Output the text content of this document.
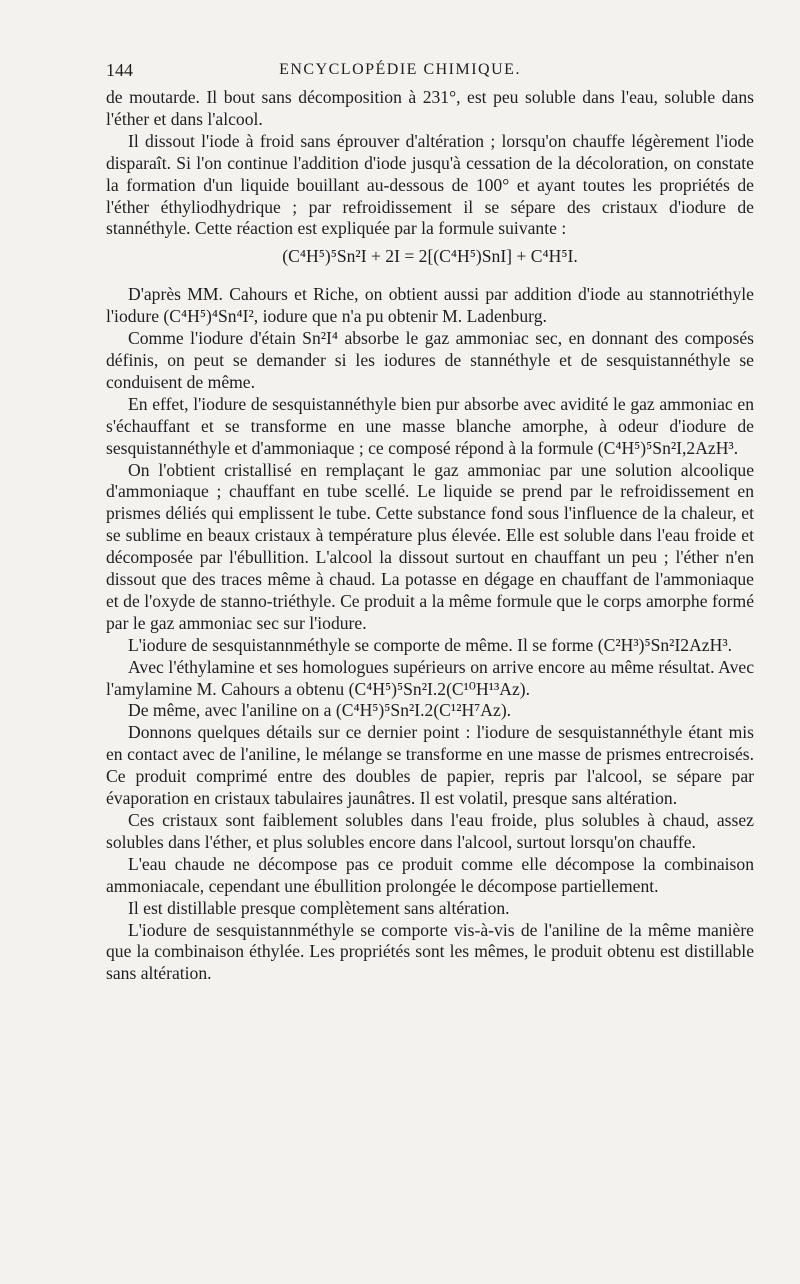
144	ENCYCLOPÉDIE CHIMIQUE.

de moutarde. Il bout sans décomposition à 231°, est peu soluble dans l'eau, soluble dans l'éther et dans l'alcool.

Il dissout l'iode à froid sans éprouver d'altération ; lorsqu'on chauffe légèrement l'iode disparaît. Si l'on continue l'addition d'iode jusqu'à cessation de la décoloration, on constate la formation d'un liquide bouillant au-dessous de 100° et ayant toutes les propriétés de l'éther éthyliodhydrique ; par refroidissement il se sépare des cristaux d'iodure de stannéthyle. Cette réaction est expliquée par la formule suivante :

(C⁴H⁵)⁵Sn²I + 2I = 2[(C⁴H⁵)SnI] + C⁴H⁵I.

D'après MM. Cahours et Riche, on obtient aussi par addition d'iode au stannotriéthyle l'iodure (C⁴H⁵)⁴Sn⁴I², iodure que n'a pu obtenir M. Ladenburg.

Comme l'iodure d'étain Sn²I⁴ absorbe le gaz ammoniac sec, en donnant des composés définis, on peut se demander si les iodures de stannéthyle et de sesquistannéthyle se conduisent de même.

En effet, l'iodure de sesquistannéthyle bien pur absorbe avec avidité le gaz ammoniac en s'échauffant et se transforme en une masse blanche amorphe, à odeur d'iodure de sesquistannéthyle et d'ammoniaque ; ce composé répond à la formule (C⁴H⁵)⁵Sn²I,2AzH³.

On l'obtient cristallisé en remplaçant le gaz ammoniac par une solution alcoolique d'ammoniaque ; chauffant en tube scellé. Le liquide se prend par le refroidissement en prismes déliés qui emplissent le tube. Cette substance fond sous l'influence de la chaleur, et se sublime en beaux cristaux à température plus élevée. Elle est soluble dans l'eau froide et décomposée par l'ébullition. L'alcool la dissout surtout en chauffant un peu ; l'éther n'en dissout que des traces même à chaud. La potasse en dégage en chauffant de l'ammoniaque et de l'oxyde de stanno-triéthyle. Ce produit a la même formule que le corps amorphe formé par le gaz ammoniac sec sur l'iodure.

L'iodure de sesquistannméthyle se comporte de même. Il se forme (C²H³)⁵Sn²I2AzH³.

Avec l'éthylamine et ses homologues supérieurs on arrive encore au même résultat. Avec l'amylamine M. Cahours a obtenu (C⁴H⁵)⁵Sn²I.2(C¹⁰H¹³Az).

De même, avec l'aniline on a (C⁴H⁵)⁵Sn²I.2(C¹²H⁷Az).

Donnons quelques détails sur ce dernier point : l'iodure de sesquistannéthyle étant mis en contact avec de l'aniline, le mélange se transforme en une masse de prismes entrecroisés. Ce produit comprimé entre des doubles de papier, repris par l'alcool, se sépare par évaporation en cristaux tabulaires jaunâtres. Il est volatil, presque sans altération.

Ces cristaux sont faiblement solubles dans l'eau froide, plus solubles à chaud, assez solubles dans l'éther, et plus solubles encore dans l'alcool, surtout lorsqu'on chauffe.

L'eau chaude ne décompose pas ce produit comme elle décompose la combinaison ammoniacale, cependant une ébullition prolongée le décompose partiellement.

Il est distillable presque complètement sans altération.

L'iodure de sesquistannméthyle se comporte vis-à-vis de l'aniline de la même manière que la combinaison éthylée. Les propriétés sont les mêmes, le produit obtenu est distillable sans altération.
